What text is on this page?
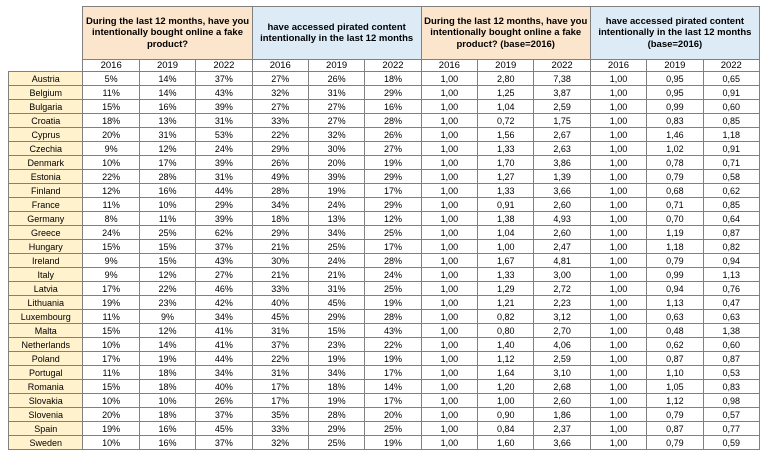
	During the last 12 months, have you intentionally bought online a fake product?			have accessed pirated content intentionally in the last 12 months			During the last 12 months, have you intentionally bought online a fake product? (base=2016)			have accessed pirated content intentionally in the last 12 months (base=2016)		
	2016	2019	2022	2016	2019	2022	2016	2019	2022	2016	2019	2022
Austria	5%	14%	37%	27%	26%	18%	1,00	2,80	7,38	1,00	0,95	0,65
Belgium	11%	14%	43%	32%	31%	29%	1,00	1,25	3,87	1,00	0,95	0,91
Bulgaria	15%	16%	39%	27%	27%	16%	1,00	1,04	2,59	1,00	0,99	0,60
Croatia	18%	13%	31%	33%	27%	28%	1,00	0,72	1,75	1,00	0,83	0,85
Cyprus	20%	31%	53%	22%	32%	26%	1,00	1,56	2,67	1,00	1,46	1,18
Czechia	9%	12%	24%	29%	30%	27%	1,00	1,33	2,63	1,00	1,02	0,91
Denmark	10%	17%	39%	26%	20%	19%	1,00	1,70	3,86	1,00	0,78	0,71
Estonia	22%	28%	31%	49%	39%	29%	1,00	1,27	1,39	1,00	0,79	0,58
Finland	12%	16%	44%	28%	19%	17%	1,00	1,33	3,66	1,00	0,68	0,62
France	11%	10%	29%	34%	24%	29%	1,00	0,91	2,60	1,00	0,71	0,85
Germany	8%	11%	39%	18%	13%	12%	1,00	1,38	4,93	1,00	0,70	0,64
Greece	24%	25%	62%	29%	34%	25%	1,00	1,04	2,60	1,00	1,19	0,87
Hungary	15%	15%	37%	21%	25%	17%	1,00	1,00	2,47	1,00	1,18	0,82
Ireland	9%	15%	43%	30%	24%	28%	1,00	1,67	4,81	1,00	0,79	0,94
Italy	9%	12%	27%	21%	21%	24%	1,00	1,33	3,00	1,00	0,99	1,13
Latvia	17%	22%	46%	33%	31%	25%	1,00	1,29	2,72	1,00	0,94	0,76
Lithuania	19%	23%	42%	40%	45%	19%	1,00	1,21	2,23	1,00	1,13	0,47
Luxembourg	11%	9%	34%	45%	29%	28%	1,00	0,82	3,12	1,00	0,63	0,63
Malta	15%	12%	41%	31%	15%	43%	1,00	0,80	2,70	1,00	0,48	1,38
Netherlands	10%	14%	41%	37%	23%	22%	1,00	1,40	4,06	1,00	0,62	0,60
Poland	17%	19%	44%	22%	19%	19%	1,00	1,12	2,59	1,00	0,87	0,87
Portugal	11%	18%	34%	31%	34%	17%	1,00	1,64	3,10	1,00	1,10	0,53
Romania	15%	18%	40%	17%	18%	14%	1,00	1,20	2,68	1,00	1,05	0,83
Slovakia	10%	10%	26%	17%	19%	17%	1,00	1,00	2,60	1,00	1,12	0,98
Slovenia	20%	18%	37%	35%	28%	20%	1,00	0,90	1,86	1,00	0,79	0,57
Spain	19%	16%	45%	33%	29%	25%	1,00	0,84	2,37	1,00	0,87	0,77
Sweden	10%	16%	37%	32%	25%	19%	1,00	1,60	3,66	1,00	0,79	0,59
